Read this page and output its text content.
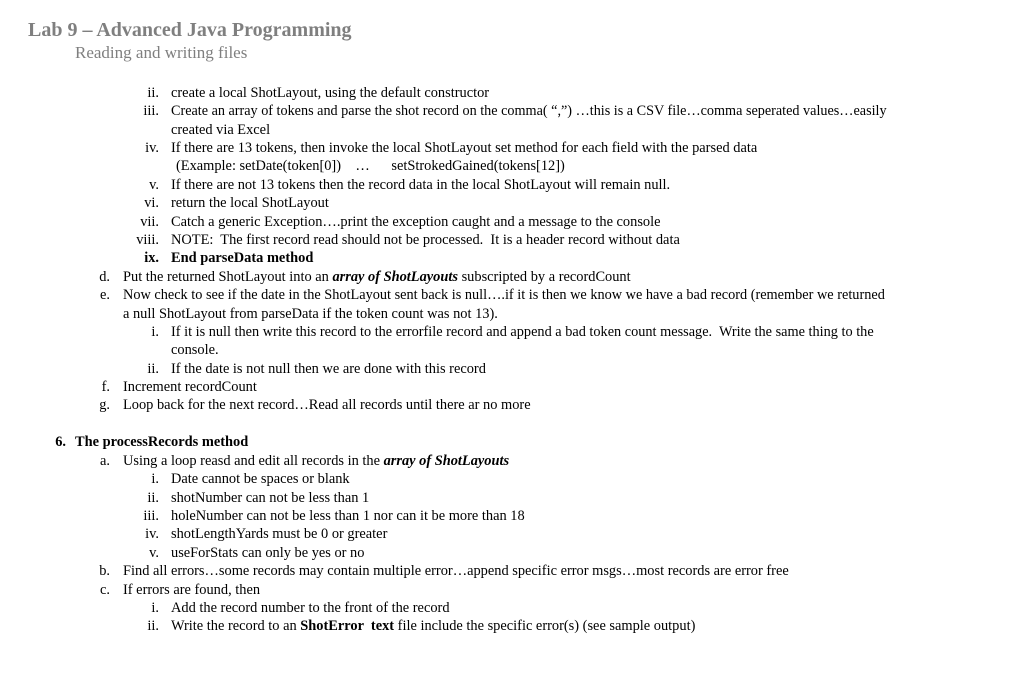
Lab 9 – Advanced Java Programming
Reading and writing files
ii. create a local ShotLayout, using the default constructor
iii. Create an array of tokens and parse the shot record on the comma( “,”) …this is a CSV file…comma seperated values…easily
created via Excel
iv. If there are 13 tokens, then invoke the local ShotLayout set method for each field with the parsed data
(Example: setDate(token[0])    …      setStrokedGained(tokens[12])
v. If there are not 13 tokens then the record data in the local ShotLayout will remain null.
vi. return the local ShotLayout
vii. Catch a generic Exception….print the exception caught and a message to the console
viii. NOTE:  The first record read should not be processed.  It is a header record without data
ix. End parseData method
d. Put the returned ShotLayout into an array of ShotLayouts subscripted by a recordCount
e. Now check to see if the date in the ShotLayout sent back is null….if it is then we know we have a bad record (remember we returned
a null ShotLayout from parseData if the token count was not 13).
i. If it is null then write this record to the errorfile record and append a bad token count message.  Write the same thing to the
console.
ii. If the date is not null then we are done with this record
f. Increment recordCount
g. Loop back for the next record…Read all records until there ar no more
6. The processRecords method
a. Using a loop reasd and edit all records in the array of ShotLayouts
i. Date cannot be spaces or blank
ii. shotNumber can not be less than 1
iii. holeNumber can not be less than 1 nor can it be more than 18
iv. shotLengthYards must be 0 or greater
v. useForStats can only be yes or no
b. Find all errors…some records may contain multiple error…append specific error msgs…most records are error free
c. If errors are found, then
i. Add the record number to the front of the record
ii. Write the record to an ShotError  text file include the specific error(s) (see sample output)
